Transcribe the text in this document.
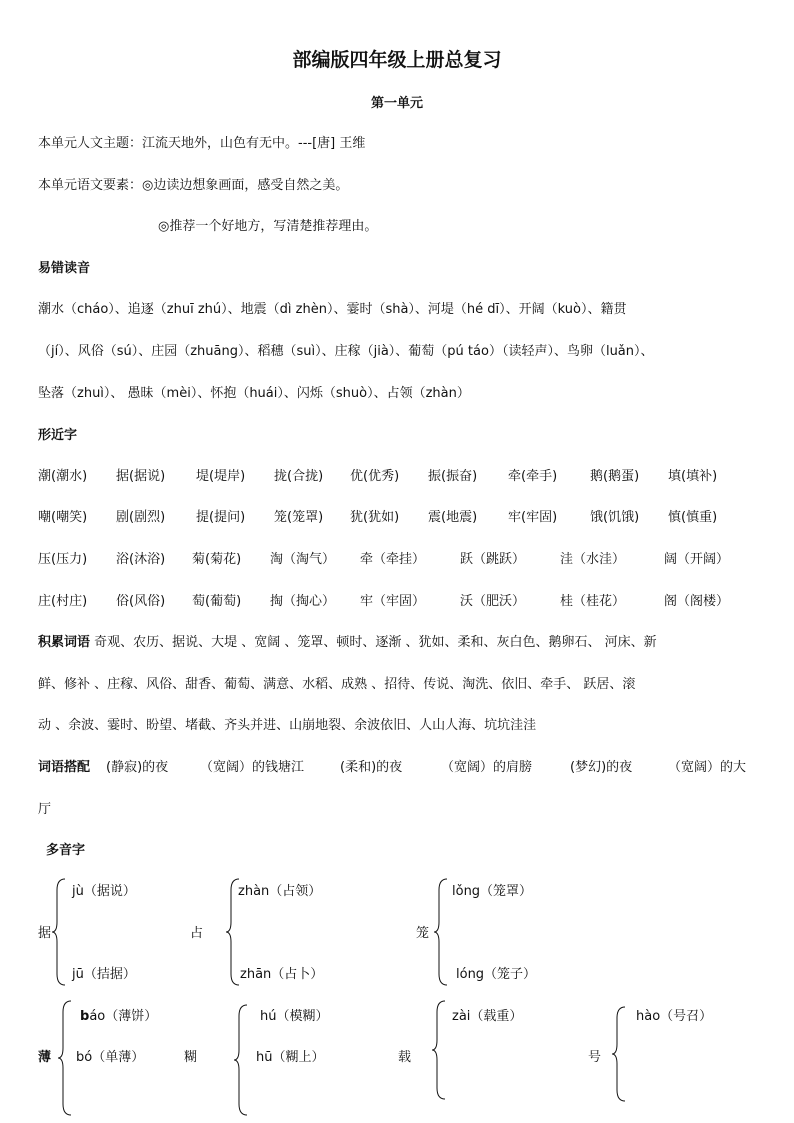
部编版四年级上册总复习
第一单元
本单元人文主题：江流天地外，山色有无中。---[唐] 王维
本单元语文要素：◎边读边想象画面，感受自然之美。
◎推荐一个好地方，写清楚推荐理由。
易错读音
潮水（cháo）、追逐（zhuī zhú）、地震（dì zhèn）、霎时（shà）、河堤（hé dī）、开阔（kuò）、籍贯
（jí）、风俗（sú）、庄园（zhuāng）、稻穗（suì）、庄稼（jià）、葡萄（pú táo）（读轻声）、鸟卵（luǎn）、
坠落（zhuì）、 愚昧（mèi）、怀抱（huái）、闪烁（shuò）、占领（zhàn）
形近字
潮(潮水) 据(据说) 堤(堤岸) 拢(合拢) 优(优秀) 振(振奋) 牵(牵手)	鹅(鹅蛋) 填(填补)
嘲(嘲笑) 剧(剧烈) 提(提问) 笼(笼罩) 犹(犹如) 震(地震) 牢(牢固)	饿(饥饿) 慎(慎重)
压(压力) 浴(沐浴) 菊(菊花) 淘（淘气） 牵（牵挂）	跃（跳跃）	洼（水洼）	阔（开阔）
庄(村庄) 俗(风俗) 萄(葡萄) 掏（掏心） 牢（牢固）	沃（肥沃）	桂（桂花）	阁（阁楼）
积累词语 奇观、农历、据说、大堤 、宽阔 、笼罩、顿时、逐渐 、犹如、柔和、灰白色、鹅卵石、 河床、新
鲜、修补 、庄稼、风俗、甜香、葡萄、满意、水稻、成熟 、招待、传说、淘洗、依旧、牵手、 跃居、滚
动 、余波、霎时、盼望、堵截、齐头并进、山崩地裂、余波依旧、人山人海、坑坑洼洼
词语搭配 (静寂)的夜 （宽阔）的钱塘江	(柔和)的夜	（宽阔）的肩膀	(梦幻)的夜	（宽阔）的大
厅
多音字
据
jù（据说）
jū（拮据）
占
zhàn（占领）
zhān（占卜）
笼
lǒng（笼罩）
lóng（笼子）
薄
báo（薄饼）
bó（单薄）	糊
hú（模糊）
hū（糊上）	载
zài（载重）
号
hào（号召）
